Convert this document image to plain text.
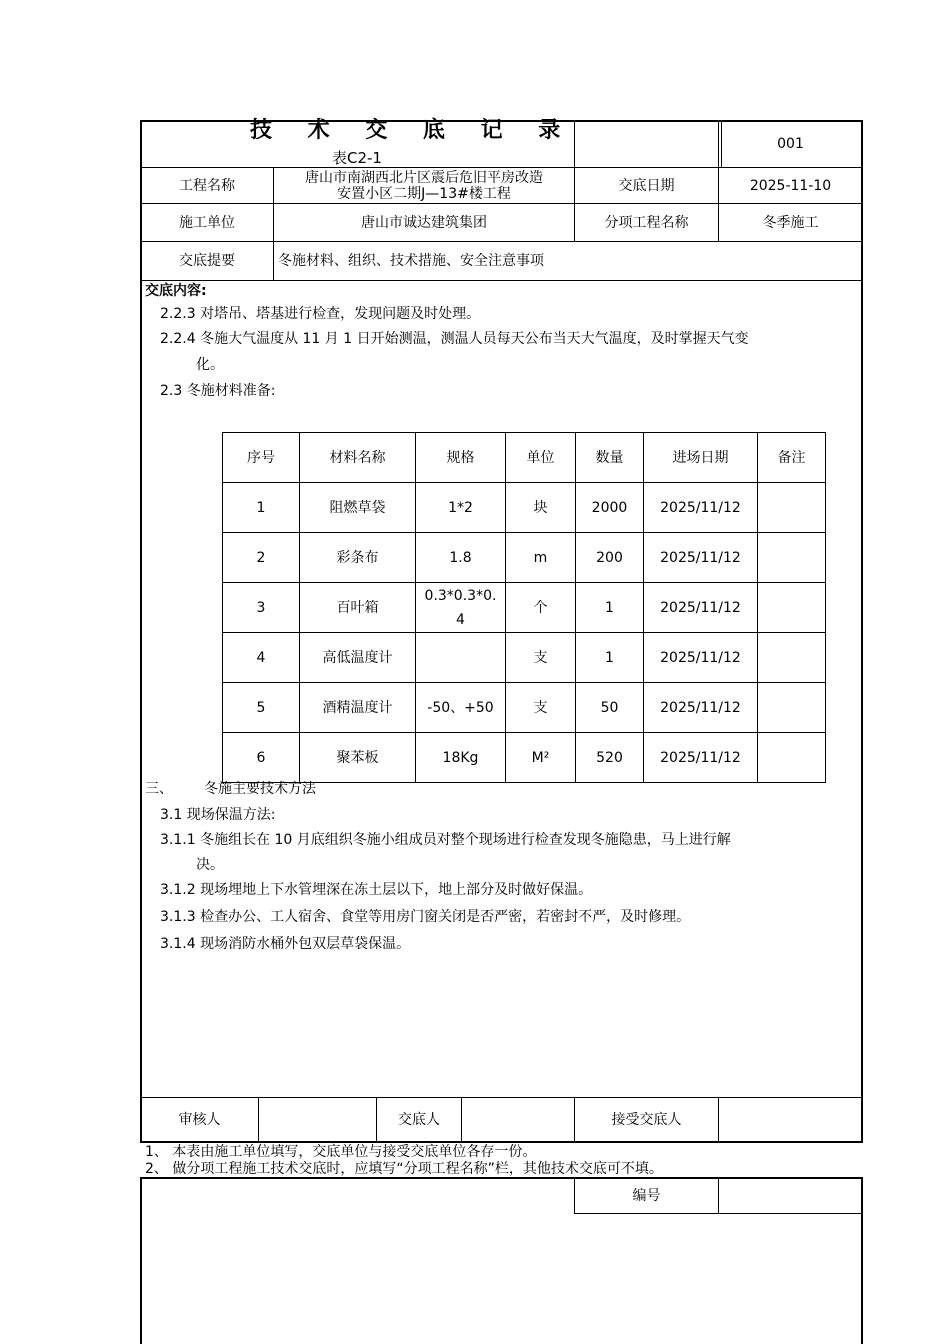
技 术 交 底 记 录
表C2-1
001
工程名称	唐山市南湖西北片区震后危旧平房改造
安置小区二期J—13#楼工程	交底日期	2025-11-10
施工单位	唐山市诚达建筑集团	分项工程名称	冬季施工
交底提要	冬施材料、组织、技术措施、安全注意事项
交底内容:
2.2.3 对塔吊、塔基进行检查，发现问题及时处理。
2.2.4 冬施大气温度从 11 月 1 日开始测温，测温人员每天公布当天大气温度，及时掌握天气变
化。
2.3 冬施材料准备:
序号	材料名称	规格	单位	数量	进场日期	备注
1	阻燃草袋	1*2	块	2000	2025/11/12	
2	彩条布	1.8	m	200	2025/11/12	
3	百叶箱	0.3*0.3*0.4	个	1	2025/11/12	
4	高低温度计		支	1	2025/11/12	
5	酒精温度计	-50、+50	支	50	2025/11/12	
6	聚苯板	18Kg	M²	520	2025/11/12	
三、 冬施主要技术方法
3.1 现场保温方法:
3.1.1 冬施组长在 10 月底组织冬施小组成员对整个现场进行检查发现冬施隐患，马上进行解
决。
3.1.2 现场埋地上下水管埋深在冻土层以下，地上部分及时做好保温。
3.1.3 检查办公、工人宿舍、食堂等用房门窗关闭是否严密，若密封不严，及时修理。
3.1.4 现场消防水桶外包双层草袋保温。
审核人	交底人	接受交底人
1、 本表由施工单位填写，交底单位与接受交底单位各存一份。
2、 做分项工程施工技术交底时，应填写“分项工程名称”栏，其他技术交底可不填。
编号
